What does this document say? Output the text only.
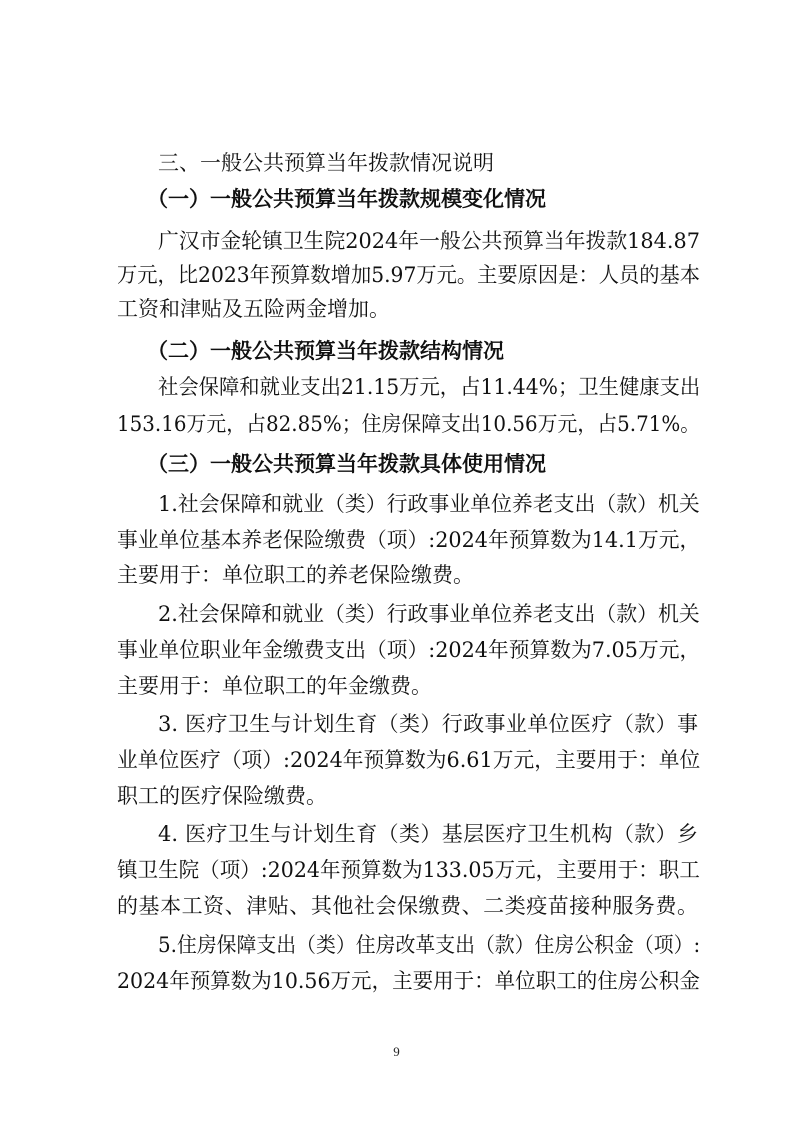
三、一般公共预算当年拨款情况说明
（一）一般公共预算当年拨款规模变化情况
广汉市金轮镇卫生院2024年一般公共预算当年拨款184.87
万元，比2023年预算数增加5.97万元。主要原因是：人员的基本
工资和津贴及五险两金增加。
（二）一般公共预算当年拨款结构情况
社会保障和就业支出21.15万元，占11.44%；卫生健康支出
153.16万元，占82.85%；住房保障支出10.56万元，占5.71%。
（三）一般公共预算当年拨款具体使用情况
1.社会保障和就业（类）行政事业单位养老支出（款）机关
事业单位基本养老保险缴费（项）:2024年预算数为14.1万元，
主要用于：单位职工的养老保险缴费。
2.社会保障和就业（类）行政事业单位养老支出（款）机关
事业单位职业年金缴费支出（项）:2024年预算数为7.05万元，
主要用于：单位职工的年金缴费。
3. 医疗卫生与计划生育（类）行政事业单位医疗（款）事
业单位医疗（项）:2024年预算数为6.61万元，主要用于：单位
职工的医疗保险缴费。
4. 医疗卫生与计划生育（类）基层医疗卫生机构（款）乡
镇卫生院（项）:2024年预算数为133.05万元，主要用于：职工
的基本工资、津贴、其他社会保缴费、二类疫苗接种服务费。
5.住房保障支出（类）住房改革支出（款）住房公积金（项）:
2024年预算数为10.56万元，主要用于：单位职工的住房公积金
9
